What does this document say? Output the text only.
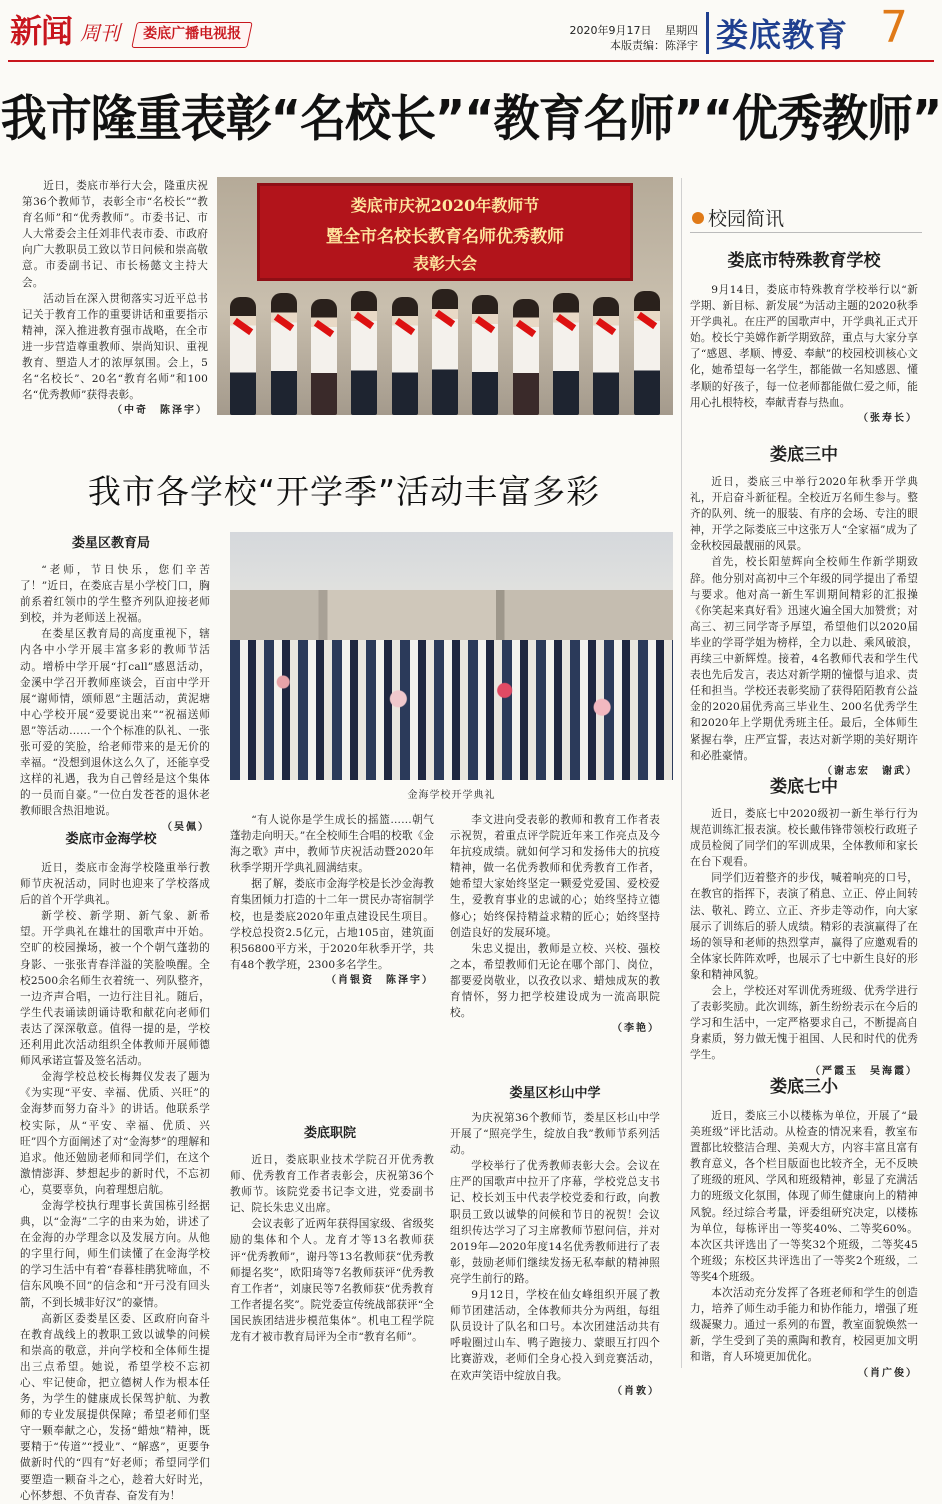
新闻 周刊 娄底广播电视报	2020年9月17日 星期四
本版责编：陈泽宇 娄底教育 7
我市隆重表彰“名校长”“教育名师”“优秀教师”

近日，娄底市举行大会，隆重庆祝第36个教师节，表彰全市“名校长”“教育名师”和“优秀教师”。市委书记、市人大常委会主任刘非代表市委、市政府向广大教职员工致以节日问候和崇高敬意。市委副书记、市长杨懿文主持大会。

活动旨在深入贯彻落实习近平总书记关于教育工作的重要讲话和重要指示精神，深入推进教育强市战略，在全市进一步营造尊重教师、崇尚知识、重视教育、塑造人才的浓厚氛围。会上，5名“名校长”、20名“教育名师”和100名“优秀教师”获得表彰。

（中奇　陈泽宇）
娄底市庆祝2020年教师节
暨全市名校长教育名师优秀教师
表彰大会
校园简讯
娄底市特殊教育学校

9月14日，娄底市特殊教育学校举行以“新学期、新目标、新发展”为活动主题的2020秋季开学典礼。在庄严的国歌声中，开学典礼正式开始。校长宁美嫦作新学期致辞，重点与大家分享了“感恩、孝顺、博爱、奉献”的校园校训核心文化，她希望每一名学生，都能做一名知感恩、懂孝顺的好孩子，每一位老师都能做仁爱之师，能用心扎根特校，奉献青春与热血。

（张寿长）
娄底三中

近日，娄底三中举行2020年秋季开学典礼，开启奋斗新征程。全校近万名师生参与。整齐的队列、统一的服装、有序的会场、专注的眼神，开学之际娄底三中这张万人“全家福”成为了金秋校园最靓丽的风景。

首先，校长阳堃辉向全校师生作新学期致辞。他分别对高初中三个年级的同学提出了希望与要求。他对高一新生军训期间精彩的汇报操《你笑起来真好看》迅速火遍全国大加赞赏；对高三、初三同学寄予厚望，希望他们以2020届毕业的学哥学姐为榜样，全力以赴、乘风破浪，再续三中新辉煌。接着，4名教师代表和学生代表也先后发言，表达对新学期的憧憬与追求、责任和担当。学校还表彰奖励了获得陌陌教育公益金的2020届优秀高三毕业生、200名优秀学生和2020年上学期优秀班主任。最后，全体师生紧握右拳，庄严宣誓，表达对新学期的美好期许和必胜豪情。

（谢志宏　谢武）
娄底七中

近日，娄底七中2020级初一新生举行行为规范训练汇报表演。校长戴伟锋带领校行政班子成员检阅了同学们的军训成果，全体教师和家长在台下观看。

同学们迈着整齐的步伐，喊着响亮的口号，在教官的指挥下，表演了稍息、立正、停止间转法、敬礼、跨立、立正、齐步走等动作，向大家展示了训练后的骄人成绩。精彩的表演赢得了在场的领导和老师的热烈掌声，赢得了应邀观看的全体家长阵阵欢呼，也展示了七中新生良好的形象和精神风貌。

会上，学校还对军训优秀班级、优秀学进行了表彰奖励。此次训练，新生纷纷表示在今后的学习和生活中，一定严格要求自己，不断提高自身素质，努力做无愧于祖国、人民和时代的优秀学生。

（严霞玉　吴海霞）
娄底三小

近日，娄底三小以楼栋为单位，开展了“最美班级”评比活动。从检查的情况来看，教室布置都比较整洁合理、美观大方，内容丰富且富有教育意义，各个栏目版面也比较齐全，无不反映了班级的班风、学风和班级精神，彰显了充满活力的班级文化氛围，体现了师生健康向上的精神风貌。经过综合考量，评委组研究决定，以楼栋为单位，每栋评出一等奖40%、二等奖60%。本次区共评选出了一等奖32个班级，二等奖45个班级；东校区共评选出了一等奖2个班级，二等奖4个班级。

本次活动充分发挥了各班老师和学生的创造力，培养了师生动手能力和协作能力，增强了班级凝聚力。通过一系列的布置，教室面貌焕然一新，学生受到了美的熏陶和教育，校园更加文明和谐，育人环境更加优化。

（肖广俊）
我市各学校“开学季”活动丰富多彩
娄星区教育局

“老师，节日快乐，您们辛苦了！”近日，在娄底吉星小学校门口，胸前系着红领巾的学生整齐列队迎接老师到校，并为老师送上祝福。

在娄星区教育局的高度重视下，辖内各中小学开展丰富多彩的教师节活动。增桥中学开展“打call”感恩活动，金溪中学召开教师座谈会，百亩中学开展“谢师情，颂师恩”主题活动，黄泥塘中心学校开展“爱要说出来”“祝福送师恩”等活动……一个个标准的队礼、一张张可爱的笑脸，给老师带来的是无价的幸福。“没想到退休这么久了，还能享受这样的礼遇，我为自己曾经是这个集体的一员而自豪。”一位白发苍苍的退休老教师眼含热泪地说。

（吴佩）
金海学校开学典礼
娄底市金海学校

近日，娄底市金海学校隆重举行教师节庆祝活动，同时也迎来了学校落成后的首个开学典礼。

新学校、新学期、新气象、新希望。开学典礼在雄壮的国歌声中开始。空旷的校园操场，被一个个朝气蓬勃的身影、一张张青春洋溢的笑脸唤醒。全校2500余名师生衣着统一、列队整齐，一边齐声合唱，一边行注目礼。随后，学生代表诵读朗诵诗歌和献花向老师们表达了深深敬意。值得一提的是，学校还利用此次活动组织全体教师开展师德师风承诺宣誓及签名活动。

金海学校总校长梅舞仪发表了题为《为实现“平安、幸福、优质、兴旺”的金海梦而努力奋斗》的讲话。他联系学校实际，从“平安、幸福、优质、兴旺”四个方面阐述了对“金海梦”的理解和追求。他还勉励老师和同学们，在这个激情澎湃、梦想起步的新时代，不忘初心，莫要辜负，向着理想启航。

金海学校执行理事长黄国栋引经据典，以“金海”二字的由来为始，讲述了在金海的办学理念以及发展方向。从他的字里行间，师生们读懂了在金海学校的学习生活中有着“春暮桂鹃犹啼血，不信东风唤不回”的信念和“开弓没有回头箭，不到长城非好汉”的豪情。

高新区委娄星区委、区政府向奋斗在教育战线上的教职工致以诚挚的问候和崇高的敬意，并向学校和全体师生提出三点希望。她说，希望学校不忘初心、牢记使命，把立德树人作为根本任务，为学生的健康成长保驾护航、为教师的专业发展提供保障；希望老师们坚守一颗奉献之心，发扬“蜡烛”精神，既要精于“传道”“授业”、“解惑”，更要争做新时代的“四有”好老师；希望同学们要塑造一颗奋斗之心，趁着大好时光，心怀梦想、不负青春、奋发有为！

“有人说你是学生成长的摇篮……朝气蓬勃走向明天。”在全校师生合唱的校歌《金海之歌》声中，教师节庆祝活动暨2020年秋季学期开学典礼圆满结束。

据了解，娄底市金海学校是长沙金海教育集团倾力打造的十二年一贯民办寄宿制学校，也是娄底2020年重点建设民生项目。学校总投资2.5亿元，占地105亩，建筑面积56800平方米，于2020年秋季开学，共有48个教学班，2300多名学生。

（肖银资　陈泽宇）
娄底职院

近日，娄底职业技术学院召开优秀教师、优秀教育工作者表彰会，庆祝第36个教师节。该院党委书记李文进，党委副书记、院长朱忠义出席。

会议表彰了近两年获得国家级、省级奖励的集体和个人。龙育才等13名教师获评“优秀教师”，谢丹等13名教师获“优秀教师提名奖”，欧阳琦等7名教师获评“优秀教育工作者”，刘康民等7名教师获“优秀教育工作者提名奖”。院党委宣传统战部获评“全国民族团结进步模范集体”。机电工程学院龙有才被市教育局评为全市“教育名师”。

李文进向受表彰的教师和教育工作者表示祝贺，着重点评学院近年来工作亮点及今年抗疫成绩。就如何学习和发扬伟大的抗疫精神，做一名优秀教师和优秀教育工作者，她希望大家始终坚定一颗爱党爱国、爱校爱生，爱教育事业的忠诚的心；始终坚持立德修心；始终保持精益求精的匠心；始终坚持创造良好的发展环境。

朱忠义提出，教师是立校、兴校、强校之本，希望教师们无论在哪个部门、岗位，都要爱岗敬业，以孜孜以求、蜡烛成灰的教育情怀，努力把学校建设成为一流高职院校。

（李艳）
娄星区杉山中学

为庆祝第36个教师节，娄星区杉山中学开展了“照亮学生，绽放自我”教师节系列活动。

学校举行了优秀教师表彰大会。会议在庄严的国歌声中拉开了序幕，学校党总支书记、校长刘玉中代表学校党委和行政，向教职员工致以诚挚的问候和节日的祝贺！会议组织传达学习了习主席教师节慰问信，并对2019年—2020年度14名优秀教师进行了表彰，鼓励老师们继续发扬无私奉献的精神照亮学生前行的路。

9月12日，学校在仙女峰组织开展了教师节团建活动，全体教师共分为两组，每组队员设计了队名和口号。本次团建活动共有呼啦圈过山车、鸭子跑接力、蒙眼互打四个比赛游戏，老师们全身心投入到竞赛活动，在欢声笑语中绽放自我。

（肖敦）
